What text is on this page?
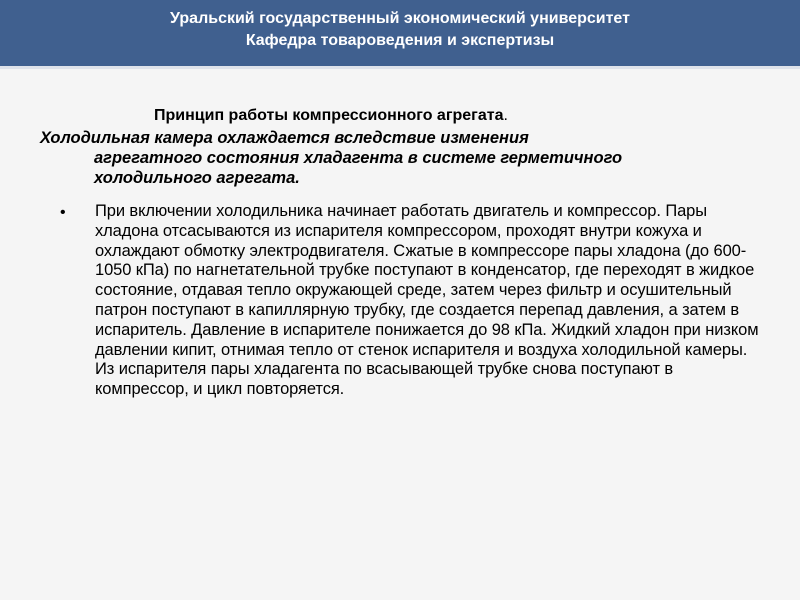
Уральский государственный экономический университет
Кафедра товароведения и экспертизы
Принцип работы компрессионного агрегата.
Холодильная камера охлаждается вследствие изменения
агрегатного состояния хладагента в системе герметичного холодильного агрегата.
• При включении холодильника начинает работать двигатель и компрессор. Пары хладона отсасываются из испарителя компрессором, проходят внутри кожуха и охлаждают обмотку электродвигателя. Сжатые в компрессоре пары хладона (до 600-1050 кПа) по нагнетательной трубке поступают в конденсатор, где переходят в жидкое состояние, отдавая тепло окружающей среде, затем через фильтр и осушительный патрон поступают в капиллярную трубку, где создается перепад давления, а затем в испаритель. Давление в испарителе понижается до 98 кПа. Жидкий хладон при низком давлении кипит, отнимая тепло от стенок испарителя и воздуха холодильной камеры. Из испарителя пары хладагента по всасывающей трубке снова поступают в компрессор, и цикл повторяется.
